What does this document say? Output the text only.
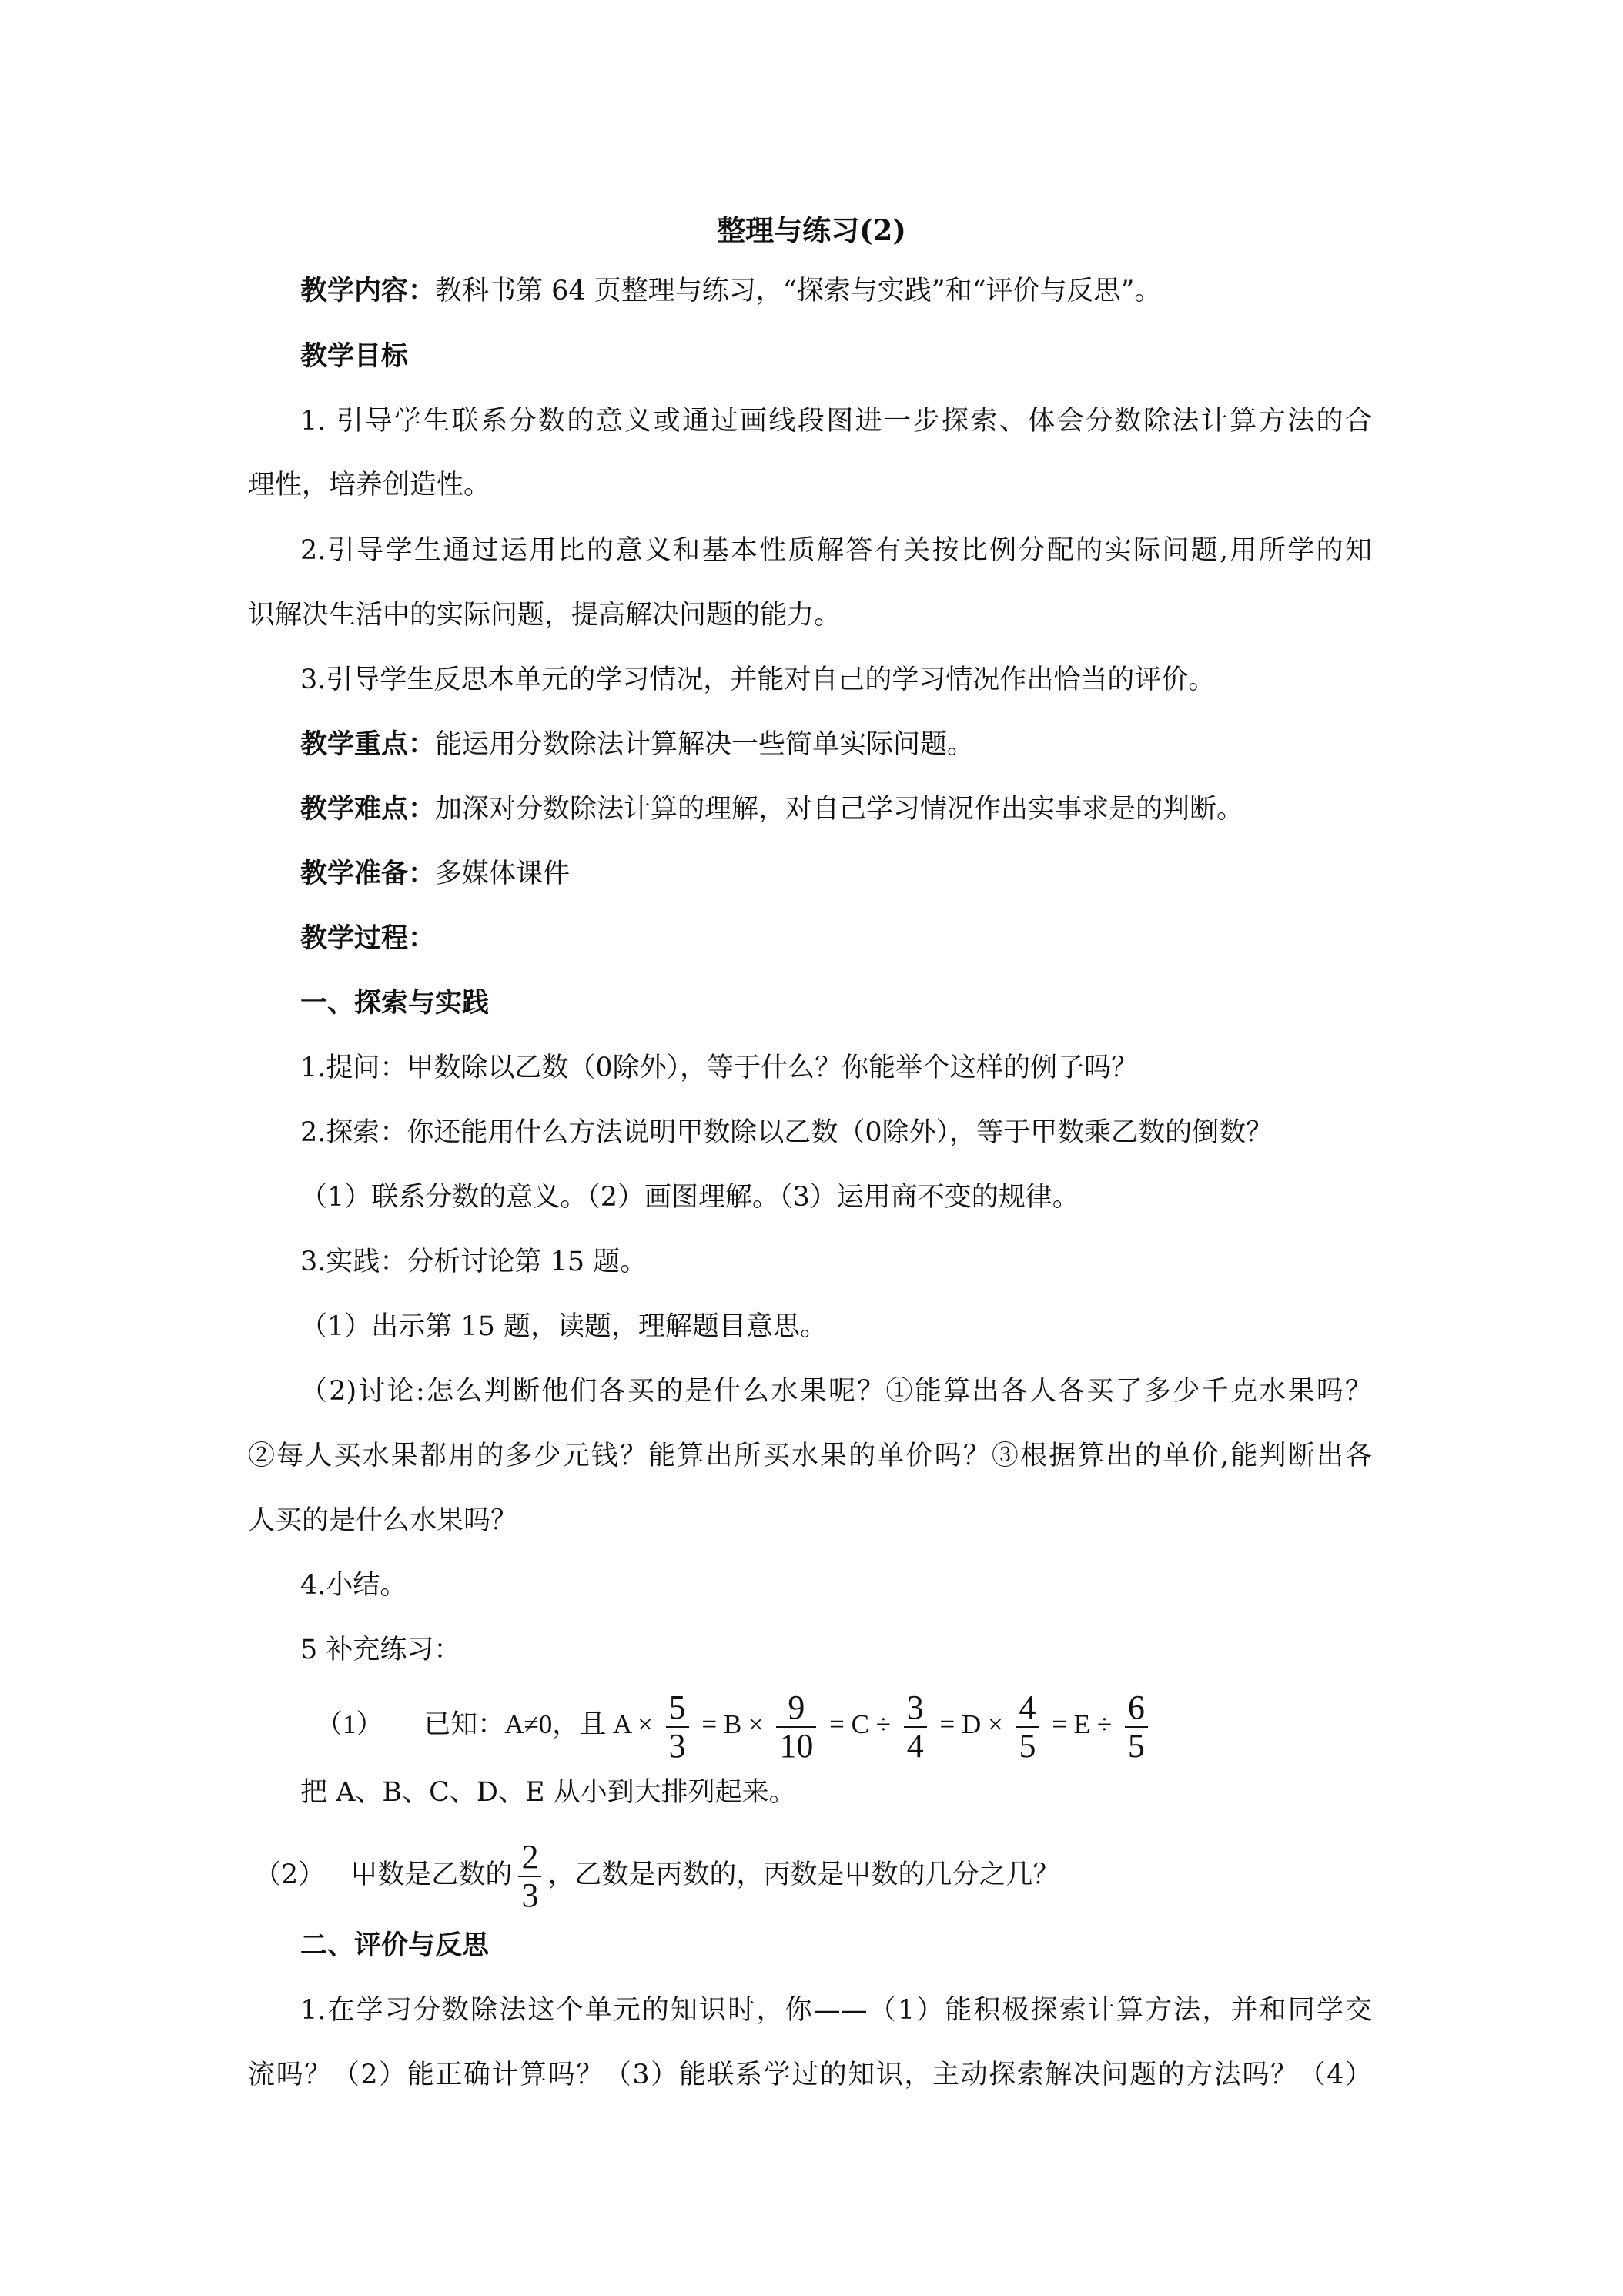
整理与练习(2)
教学内容：教科书第 64 页整理与练习，“探索与实践”和“评价与反思”。
教学目标
1. 引导学生联系分数的意义或通过画线段图进一步探索、体会分数除法计算方法的合
理性，培养创造性。
2.引导学生通过运用比的意义和基本性质解答有关按比例分配的实际问题,用所学的知
识解决生活中的实际问题，提高解决问题的能力。
3.引导学生反思本单元的学习情况，并能对自己的学习情况作出恰当的评价。
教学重点：能运用分数除法计算解决一些简单实际问题。
教学难点：加深对分数除法计算的理解，对自己学习情况作出实事求是的判断。
教学准备：多媒体课件
教学过程：
一、探索与实践
1.提问：甲数除以乙数（0除外），等于什么？你能举个这样的例子吗？
2.探索：你还能用什么方法说明甲数除以乙数（0除外），等于甲数乘乙数的倒数？
（1）联系分数的意义。（2）画图理解。（3）运用商不变的规律。
3.实践：分析讨论第 15 题。
（1）出示第 15 题，读题，理解题目意思。
（2)讨论:怎么判断他们各买的是什么水果呢？①能算出各人各买了多少千克水果吗？
②每人买水果都用的多少元钱？能算出所买水果的单价吗？③根据算出的单价,能判断出各
人买的是什么水果吗？
4.小结。
5 补充练习：
（1） 已知：A≠0，且 $A \times \frac{5}{3} = B \times \frac{9}{10} = C \div \frac{3}{4} = D \times \frac{4}{5} = E \div \frac{6}{5}$
把 A、B、C、D、E 从小到大排列起来。
（2） 甲数是乙数的 $\frac{2}{3}$ ，乙数是丙数的，丙数是甲数的几分之几？
二、评价与反思
1.在学习分数除法这个单元的知识时，你——（1）能积极探索计算方法，并和同学交
流吗？（2）能正确计算吗？（3）能联系学过的知识，主动探索解决问题的方法吗？（4）
